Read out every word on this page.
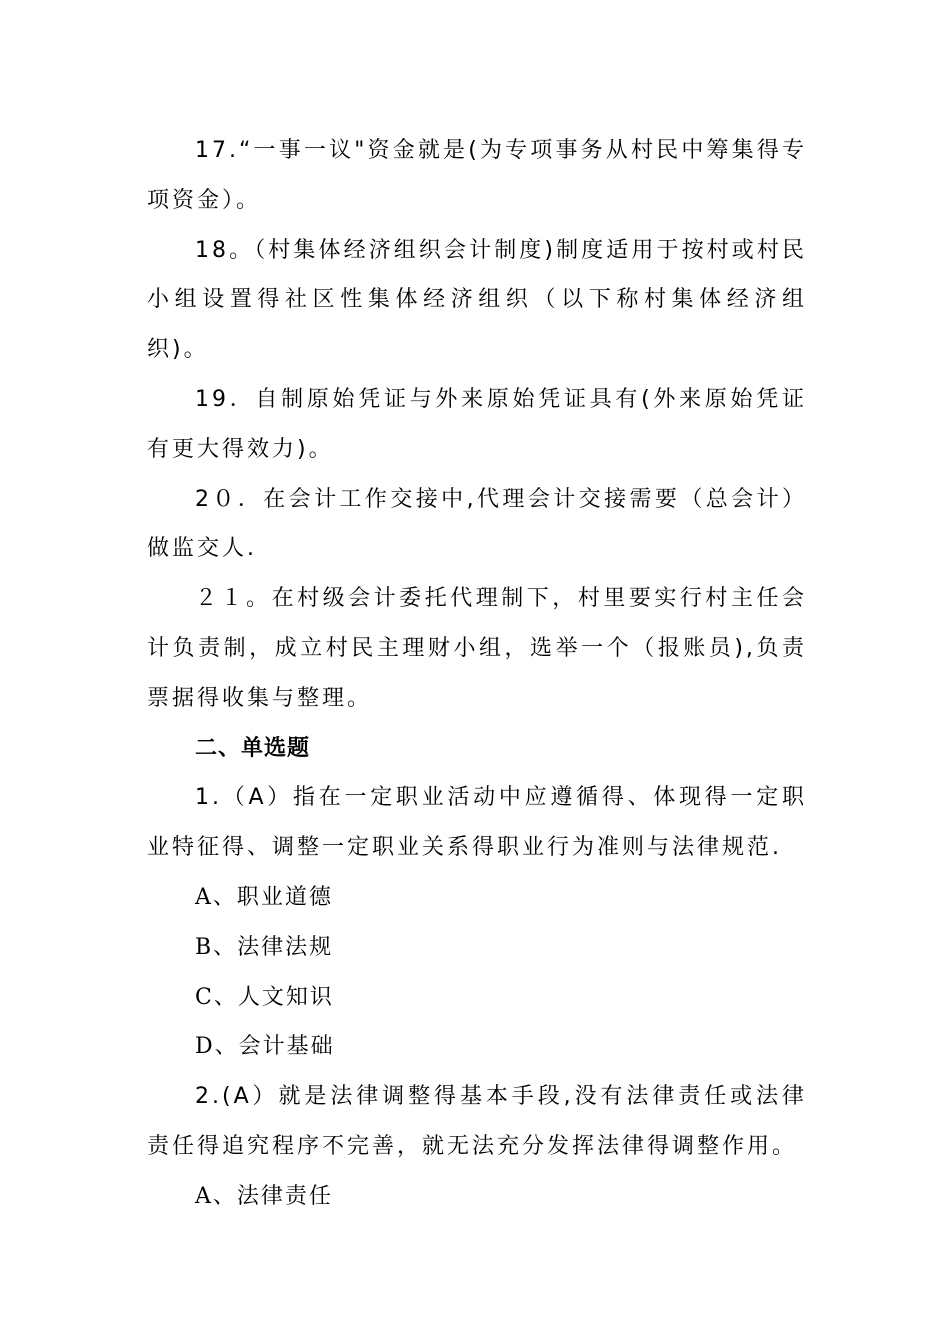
17.“一事一议"资金就是(为专项事务从村民中筹集得专项资金）。

18。（村集体经济组织会计制度)制度适用于按村或村民小组设置得社区性集体经济组织（以下称村集体经济组织)。

19．自制原始凭证与外来原始凭证具有(外来原始凭证有更大得效力)。

2０．在会计工作交接中,代理会计交接需要（总会计）做监交人.

２１。在村级会计委托代理制下，村里要实行村主任会计负责制，成立村民主理财小组，选举一个（报账员),负责票据得收集与整理。

二、单选题

1.（A）指在一定职业活动中应遵循得、体现得一定职业特征得、调整一定职业关系得职业行为准则与法律规范.

A、职业道德

B、法律法规

C、人文知识

D、会计基础

2.(A）就是法律调整得基本手段,没有法律责任或法律责任得追究程序不完善，就无法充分发挥法律得调整作用。

A、法律责任
